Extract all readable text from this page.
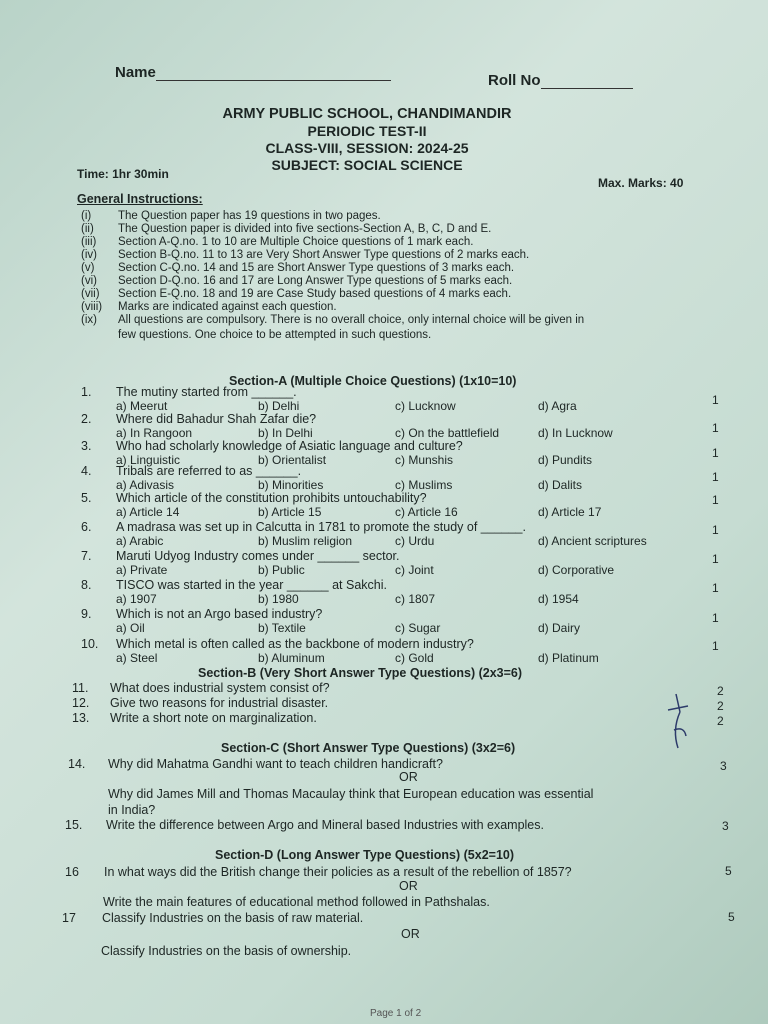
Name	Roll No
ARMY PUBLIC SCHOOL, CHANDIMANDIR
PERIODIC TEST-II
CLASS-VIII, SESSION: 2024-25
SUBJECT: SOCIAL SCIENCE
Time: 1hr 30min
Max. Marks: 40
General Instructions:
(i) The Question paper has 19 questions in two pages.
(ii) The Question paper is divided into five sections-Section A, B, C, D and E.
(iii) Section A-Q.no. 1 to 10 are Multiple Choice questions of 1 mark each.
(iv) Section B-Q.no. 11 to 13 are Very Short Answer Type questions of 2 marks each.
(v) Section C-Q.no. 14 and 15 are Short Answer Type questions of 3 marks each.
(vi) Section D-Q.no. 16 and 17 are Long Answer Type questions of 5 marks each.
(vii) Section E-Q.no. 18 and 19 are Case Study based questions of 4 marks each.
(viii) Marks are indicated against each question.
(ix) All questions are compulsory. There is no overall choice, only internal choice will be given in
few questions. One choice to be attempted in such questions.
Section-A (Multiple Choice Questions) (1x10=10)
1. The mutiny started from ______.
1
a) Meerut	b) Delhi	c) Lucknow	d) Agra
2. Where did Bahadur Shah Zafar die?
1
a) In Rangoon	b) In Delhi	c) On the battlefield	d) In Lucknow
3. Who had scholarly knowledge of Asiatic language and culture?	1
a) Linguistic	b) Orientalist	c) Munshis	d) Pundits
4. Tribals are referred to as ______.	1
a) Adivasis	b) Minorities	c) Muslims	d) Dalits
5. Which article of the constitution prohibits untouchability?	1
a) Article 14	b) Article 15	c) Article 16	d) Article 17
6. A madrasa was set up in Calcutta in 1781 to promote the study of ______.	1
a) Arabic	b) Muslim religion	c) Urdu	d) Ancient scriptures
7. Maruti Udyog Industry comes under ______ sector.	1
a) Private	b) Public	c) Joint	d) Corporative
8. TISCO was started in the year ______ at Sakchi.	1
a) 1907	b) 1980	c) 1807	d) 1954
9. Which is not an Argo based industry?	1
a) Oil	b) Textile	c) Sugar	d) Dairy
10. Which metal is often called as the backbone of modern industry?	1
a) Steel	b) Aluminum	c) Gold	d) Platinum
Section-B (Very Short Answer Type Questions) (2x3=6)
11. What does industrial system consist of?	2
12. Give two reasons for industrial disaster.	2
13. Write a short note on marginalization.	2
Section-C (Short Answer Type Questions) (3x2=6)
14. Why did Mahatma Gandhi want to teach children handicraft?	3
OR
Why did James Mill and Thomas Macaulay think that European education was essential
in India?
15. Write the difference between Argo and Mineral based Industries with examples.	3
Section-D (Long Answer Type Questions) (5x2=10)
16 In what ways did the British change their policies as a result of the rebellion of 1857?	5
OR
Write the main features of educational method followed in Pathshalas.
17 Classify Industries on the basis of raw material.	5
OR
Classify Industries on the basis of ownership.
Page 1 of 2
